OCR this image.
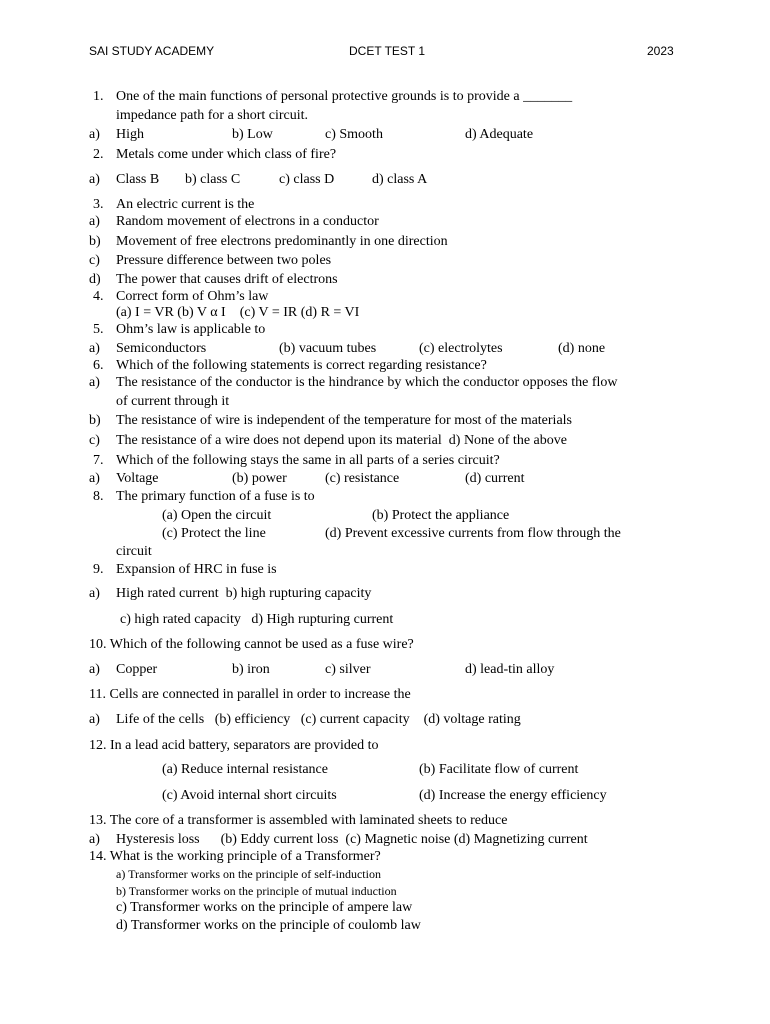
SAI STUDY ACADEMY	DCET TEST 1	2023
1. One of the main functions of personal protective grounds is to provide a _______
impedance path for a short circuit.
a) High	b) Low	c) Smooth	d) Adequate
2. Metals come under which class of fire?
a) Class B b) class C	c) class D	d) class A
3. An electric current is the
a) Random movement of electrons in a conductor
b) Movement of free electrons predominantly in one direction
c) Pressure difference between two poles
d) The power that causes drift of electrons
4. Correct form of Ohm’s law
(a) I = VR (b) V α I    (c) V = IR (d) R = VI
5. Ohm’s law is applicable to
a) Semiconductors	(b) vacuum tubes	(c) electrolytes	(d) none
6. Which of the following statements is correct regarding resistance?
a) The resistance of the conductor is the hindrance by which the conductor opposes the flow
of current through it
b) The resistance of wire is independent of the temperature for most of the materials
c) The resistance of a wire does not depend upon its material  d) None of the above
7. Which of the following stays the same in all parts of a series circuit?
a) Voltage	(b) power	(c) resistance	(d) current
8. The primary function of a fuse is to
(a) Open the circuit	(b) Protect the appliance
(c) Protect the line	(d) Prevent excessive currents from flow through the
circuit
9. Expansion of HRC in fuse is
a) High rated current  b) high rupturing capacity
c) high rated capacity   d) High rupturing current
10. Which of the following cannot be used as a fuse wire?
a) Copper	b) iron	c) silver	d) lead-tin alloy
11. Cells are connected in parallel in order to increase the
a) Life of the cells   (b) efficiency   (c) current capacity    (d) voltage rating
12. In a lead acid battery, separators are provided to
(a) Reduce internal resistance	(b) Facilitate flow of current
(c) Avoid internal short circuits	(d) Increase the energy efficiency
13. The core of a transformer is assembled with laminated sheets to reduce
a) Hysteresis loss      (b) Eddy current loss  (c) Magnetic noise (d) Magnetizing current
14. What is the working principle of a Transformer?
a) Transformer works on the principle of self-induction
b) Transformer works on the principle of mutual induction
c) Transformer works on the principle of ampere law
d) Transformer works on the principle of coulomb law
